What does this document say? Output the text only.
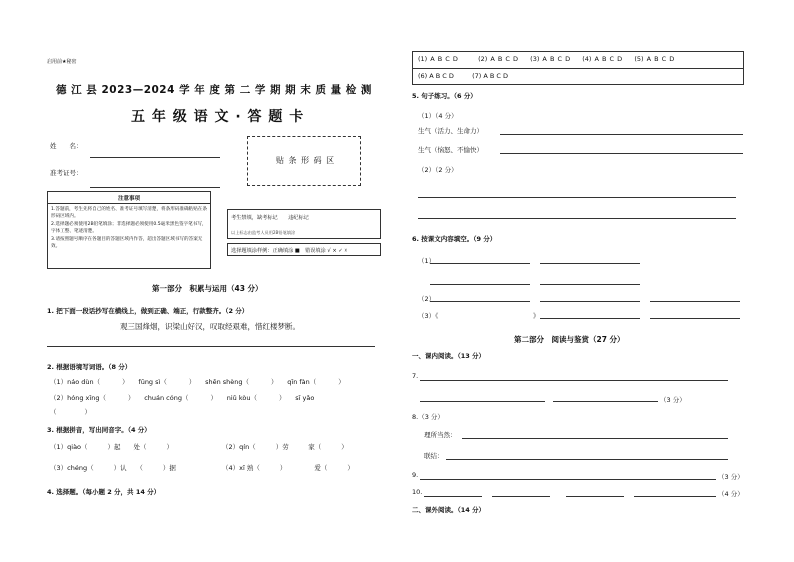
启用前★秘密
德 江 县 2023—2024 学 年 度 第 二 学 期 期 末 质 量 检 测
五 年 级 语 文 · 答 题 卡
姓　　名：
准考证号：
贴 条 形 码 区
注意事项
1.答题前，考生先将自己的姓名、准考证号填写清楚，将条形码准确粘贴在条形码区域内。
2.选择题必须使用2B铅笔填涂；非选择题必须使用0.5毫米黑色签字笔书写，字体工整、笔迹清楚。
3.请按照题号顺序在各题目的答题区域内作答，超出答题区域书写的答案无效。
考生禁填，缺考标记　　违纪标记
以上标志由监考人员用2B铅笔填涂
选择题填涂样例：正确填涂 ■　错误填涂 √ × ✓ ☓
第一部分　积累与运用（43 分）
1. 把下面一段话抄写在横线上，做到正确、端正，行款整齐。（2 分）
观三国烽烟，识梁山好汉，叹取经艰难，惜红楼梦断。
2. 根据语境写词语。（8 分）
（1）náo dùn（	）　　fūng sì（	）　　shēn shèng（	）　　qīn fàn（	）
（2）hóng xīng（	）　　chuán cóng（	）　　niǔ kòu（	）　　sī yǎo
（	）
3. 根据拼音，写出同音字。（4 分）
（1）qiào（	）起　　处（	）	（2）qín（	）劳　　　家（	）
（3）chéng（	）认　　（	）据	（4）xī 熟（	）	爱（	）
4. 选择题。（每小题 2 分，共 14 分）
(1) A B C D	(2) A B C D (3) A B C D (4) A B C D (5) A B C D
(6) A B C D	(7) A B C D
5. 句子练习。（6 分）
（1）（4 分）
生气（活力、生命力）
生气（恼怒、不愉快）
（2）（2 分）
6. 按课文内容填空。（9 分）
（1）
（2）
（3）《	》
第二部分　阅读与鉴赏（27 分）
一、课内阅读。（13 分）
7.
（3 分）
8.（3 分）
理所当然：
联结：
9.	（3 分）
10.	（4 分）
二、课外阅读。（14 分）
